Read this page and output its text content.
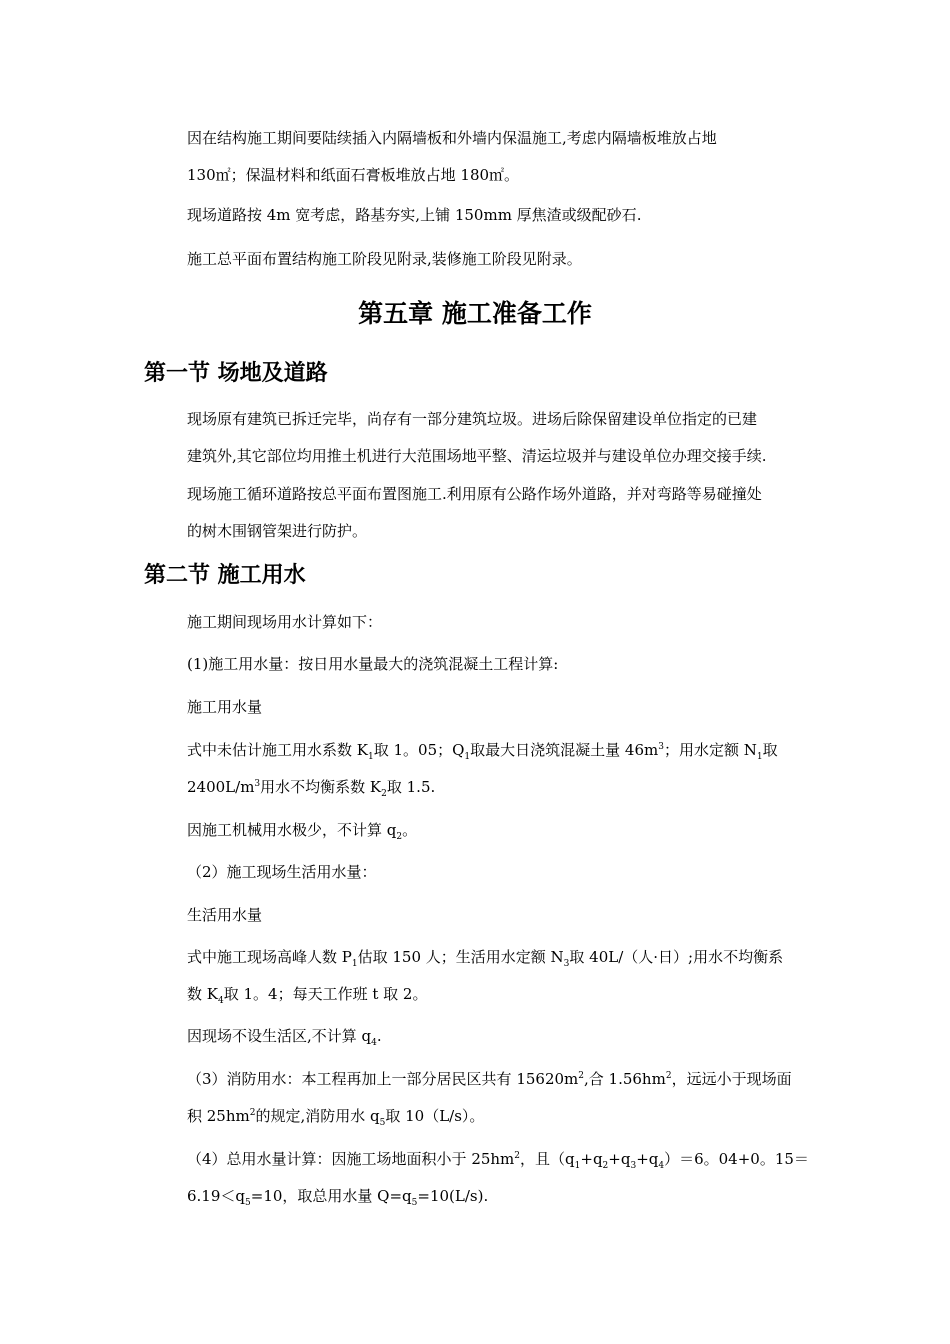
因在结构施工期间要陆续插入内隔墙板和外墙内保温施工,考虑内隔墙板堆放占地
130㎡；保温材料和纸面石膏板堆放占地 180㎡。
现场道路按 4m 宽考虑，路基夯实,上铺 150mm 厚焦渣或级配砂石.
施工总平面布置结构施工阶段见附录,装修施工阶段见附录。
第五章 施工准备工作
第一节 场地及道路
现场原有建筑已拆迁完毕，尚存有一部分建筑垃圾。进场后除保留建设单位指定的已建
建筑外,其它部位均用推土机进行大范围场地平整、清运垃圾并与建设单位办理交接手续.
现场施工循环道路按总平面布置图施工.利用原有公路作场外道路，并对弯路等易碰撞处
的树木围钢管架进行防护。
第二节 施工用水
施工期间现场用水计算如下：
(1)施工用水量：按日用水量最大的浇筑混凝土工程计算:
施工用水量
式中未估计施工用水系数 $K_1$取 1。05；$Q_1$取最大日浇筑混凝土量 $46m^3$；用水定额 $N_1$取
$2400L/m^3$用水不均衡系数 $K_2$取 1.5.
因施工机械用水极少，不计算 $q_2$。
（2）施工现场生活用水量：
生活用水量
式中施工现场高峰人数 $P_1$估取 150 人；生活用水定额 $N_3$取 40L/（人·日）;用水不均衡系
数 $K_4$取 1。4；每天工作班 t 取 2。
因现场不设生活区,不计算 $q_4$.
（3）消防用水：本工程再加上一部分居民区共有 $15620m^2$,合 $1.56hm^2$，远远小于现场面
积 $25hm^2$的规定,消防用水 $q_5$取 10（L/s）。
（4）总用水量计算：因施工场地面积小于 $25hm^2$，且$(q_1+q_2+q_3+q_4)=6$。04+0。15＝
$6.19<q_5=10$，取总用水量 $Q=q_5=10(L/s)$.
